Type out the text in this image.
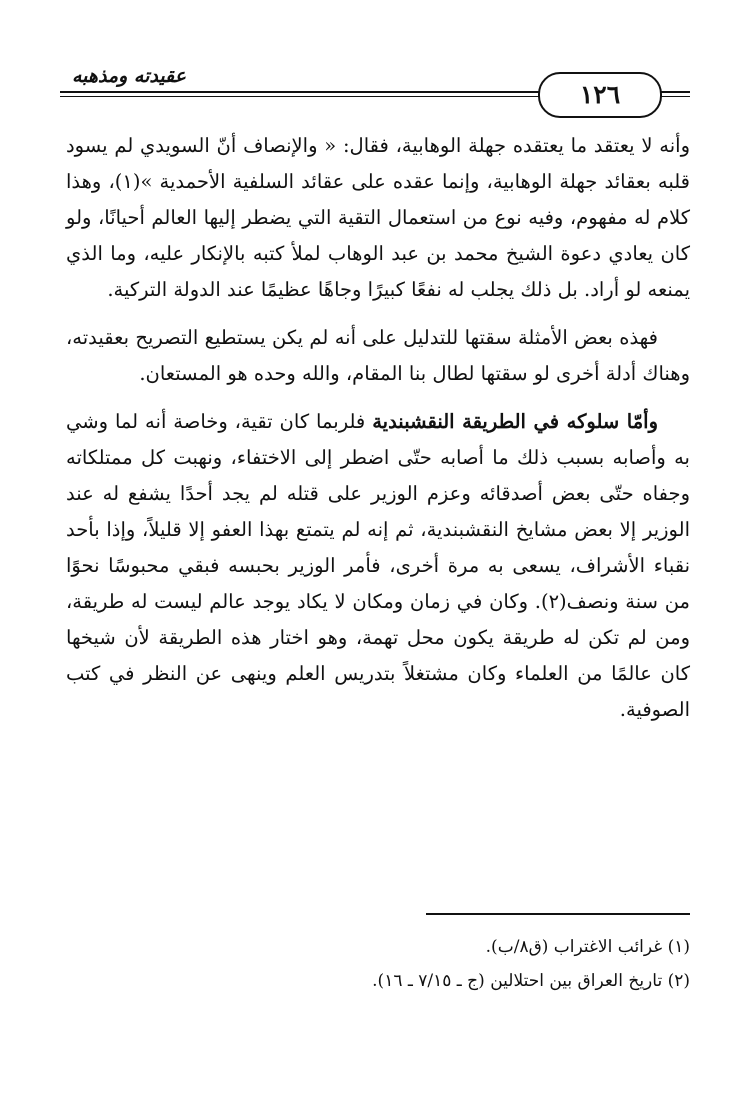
عقيدته ومذهبه
١٢٦

وأنه لا يعتقد ما يعتقده جهلة الوهابية، فقال: « والإنصاف أنّ السويدي لم يسود قلبه بعقائد جهلة الوهابية، وإنما عقده على عقائد السلفية الأحمدية »(١)، وهذا كلام له مفهوم، وفيه نوع من استعمال التقية التي يضطر إليها العالم أحيانًا، ولو كان يعادي دعوة الشيخ محمد بن عبد الوهاب لملأ كتبه بالإنكار عليه، وما الذي يمنعه لو أراد. بل ذلك يجلب له نفعًا كبيرًا وجاهًا عظيمًا عند الدولة التركية.

فهذه بعض الأمثلة سقتها للتدليل على أنه لم يكن يستطيع التصريح بعقيدته، وهناك أدلة أخرى لو سقتها لطال بنا المقام، والله وحده هو المستعان.

وأمّا سلوكه في الطريقة النقشبندية فلربما كان تقية، وخاصة أنه لما وشي به وأصابه بسبب ذلك ما أصابه حتّى اضطر إلى الاختفاء، ونهبت كل ممتلكاته وجفاه حتّى بعض أصدقائه وعزم الوزير على قتله لم يجد أحدًا يشفع له عند الوزير إلا بعض مشايخ النقشبندية، ثم إنه لم يتمتع بهذا العفو إلا قليلاً، وإذا بأحد نقباء الأشراف، يسعى به مرة أخرى، فأمر الوزير بحبسه فبقي محبوسًا نحوًا من سنة ونصف(٢). وكان في زمان ومكان لا يكاد يوجد عالم ليست له طريقة، ومن لم تكن له طريقة يكون محل تهمة، وهو اختار هذه الطريقة لأن شيخها كان عالمًا من العلماء وكان مشتغلاً بتدريس العلم وينهى عن النظر في كتب الصوفية.

(١) غرائب الاغتراب (ق٨/ب).

(٢) تاريخ العراق بين احتلالين (ج ـ ٧/١٥ ـ ١٦).
